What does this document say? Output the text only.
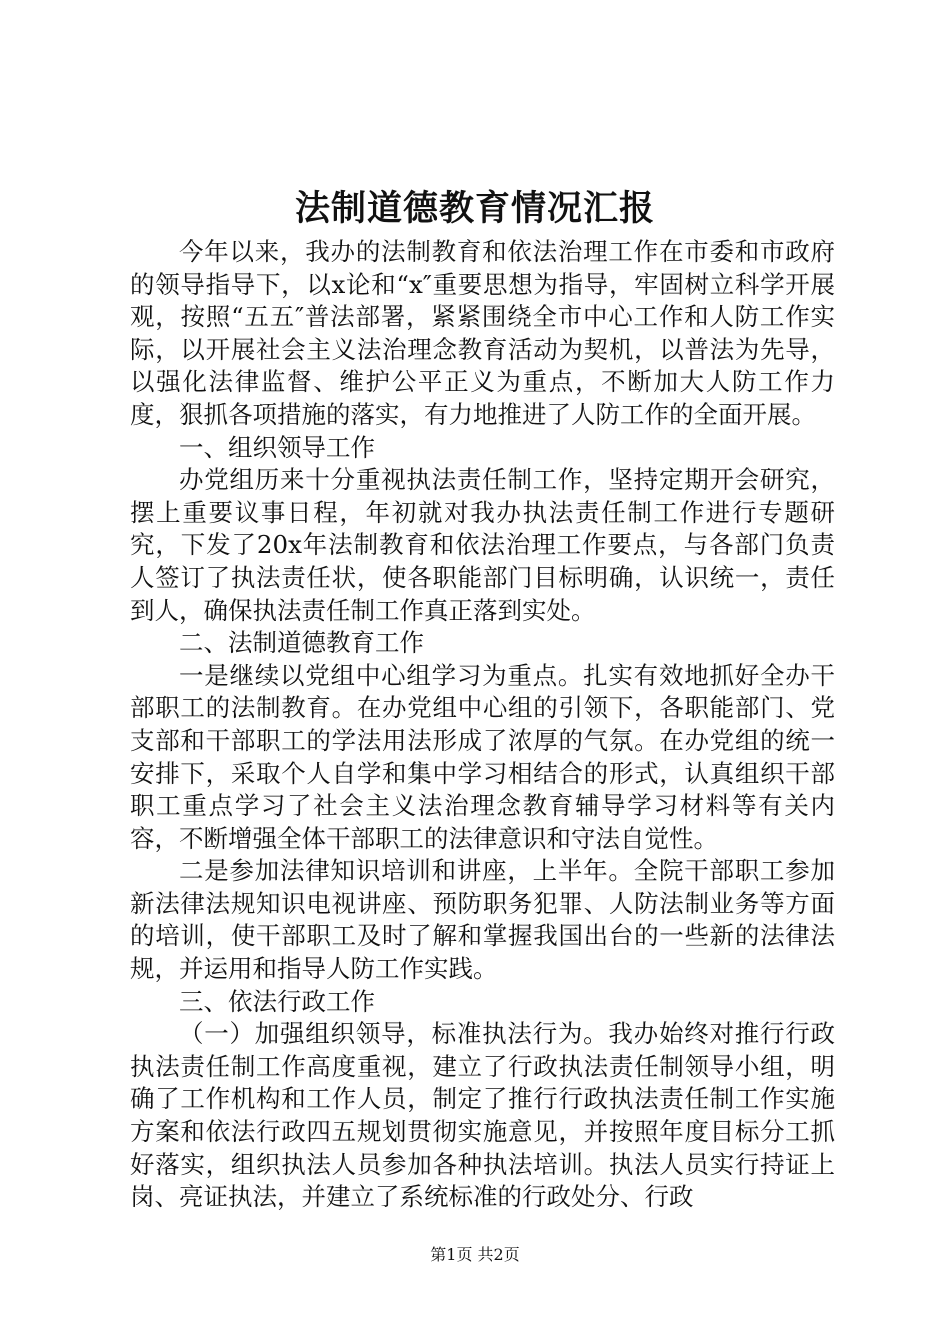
法制道德教育情况汇报

今年以来，我办的法制教育和依法治理工作在市委和市政府的领导指导下，以x论和“x″重要思想为指导，牢固树立科学开展观，按照“五五″普法部署，紧紧围绕全市中心工作和人防工作实际，以开展社会主义法治理念教育活动为契机，以普法为先导，以强化法律监督、维护公平正义为重点，不断加大人防工作力度，狠抓各项措施的落实，有力地推进了人防工作的全面开展。

一、组织领导工作

办党组历来十分重视执法责任制工作，坚持定期开会研究，摆上重要议事日程，年初就对我办执法责任制工作进行专题研究，下发了20x年法制教育和依法治理工作要点，与各部门负责人签订了执法责任状，使各职能部门目标明确，认识统一，责任到人，确保执法责任制工作真正落到实处。

二、法制道德教育工作

一是继续以党组中心组学习为重点。扎实有效地抓好全办干部职工的法制教育。在办党组中心组的引领下，各职能部门、党支部和干部职工的学法用法形成了浓厚的气氛。在办党组的统一安排下，采取个人自学和集中学习相结合的形式，认真组织干部职工重点学习了社会主义法治理念教育辅导学习材料等有关内容，不断增强全体干部职工的法律意识和守法自觉性。

二是参加法律知识培训和讲座，上半年。全院干部职工参加新法律法规知识电视讲座、预防职务犯罪、人防法制业务等方面的培训，使干部职工及时了解和掌握我国出台的一些新的法律法规，并运用和指导人防工作实践。

三、依法行政工作

（一）加强组织领导，标准执法行为。我办始终对推行行政执法责任制工作高度重视，建立了行政执法责任制领导小组，明确了工作机构和工作人员，制定了推行行政执法责任制工作实施方案和依法行政四五规划贯彻实施意见，并按照年度目标分工抓好落实，组织执法人员参加各种执法培训。执法人员实行持证上岗、亮证执法，并建立了系统标准的行政处分、行政

第1页 共2页
